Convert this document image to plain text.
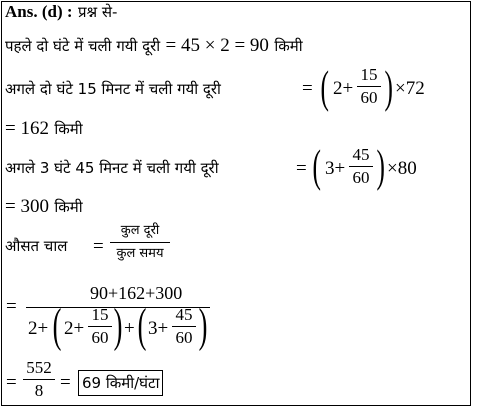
Ans. (d) : प्रश्न से-
पहले दो घंटे में चली गयी दूरी = 45 × 2 = 90 किमी
अगले दो घंटे 15 मिनट में चली गयी दूरी	= ( 2+
15
60 ) ×72
= 162 किमी
अगले 3 घंटे 45 मिनट में चली गयी दूरी	= ( 3+
45
60 ) ×80
= 300 किमी
औसत चाल =
कुल दूरी
कुल समय
=
90+162+300
2+ ( 2+
15
60 ) + ( 3+
45
60 )
=
552
8 = 69 किमी/घंटा
